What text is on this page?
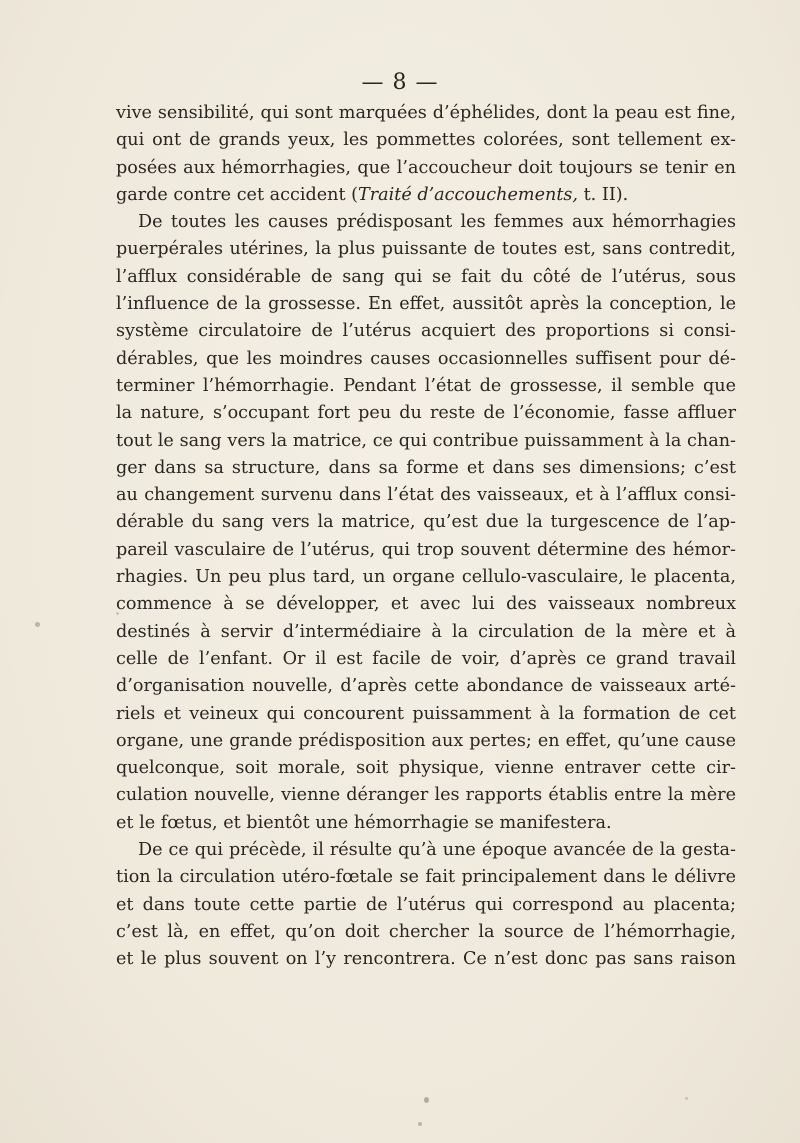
— 8 —
vive sensibilité, qui sont marquées d’éphélides, dont la peau est fine,
qui ont de grands yeux, les pommettes colorées, sont tellement ex-
posées aux hémorrhagies, que l’accoucheur doit toujours se tenir en
garde contre cet accident (Traité d’accouchements, t. II).
De toutes les causes prédisposant les femmes aux hémorrhagies
puerpérales utérines, la plus puissante de toutes est, sans contredit,
l’afflux considérable de sang qui se fait du côté de l’utérus, sous
l’influence de la grossesse. En effet, aussitôt après la conception, le
système circulatoire de l’utérus acquiert des proportions si consi-
dérables, que les moindres causes occasionnelles suffisent pour dé-
terminer l’hémorrhagie. Pendant l’état de grossesse, il semble que
la nature, s’occupant fort peu du reste de l’économie, fasse affluer
tout le sang vers la matrice, ce qui contribue puissamment à la chan-
ger dans sa structure, dans sa forme et dans ses dimensions; c’est
au changement survenu dans l’état des vaisseaux, et à l’afflux consi-
dérable du sang vers la matrice, qu’est due la turgescence de l’ap-
pareil vasculaire de l’utérus, qui trop souvent détermine des hémor-
rhagies. Un peu plus tard, un organe cellulo-vasculaire, le placenta,
commence à se développer, et avec lui des vaisseaux nombreux
destinés à servir d’intermédiaire à la circulation de la mère et à
celle de l’enfant. Or il est facile de voir, d’après ce grand travail
d’organisation nouvelle, d’après cette abondance de vaisseaux arté-
riels et veineux qui concourent puissamment à la formation de cet
organe, une grande prédisposition aux pertes; en effet, qu’une cause
quelconque, soit morale, soit physique, vienne entraver cette cir-
culation nouvelle, vienne déranger les rapports établis entre la mère
et le fœtus, et bientôt une hémorrhagie se manifestera.
De ce qui précède, il résulte qu’à une époque avancée de la gesta-
tion la circulation utéro-fœtale se fait principalement dans le délivre
et dans toute cette partie de l’utérus qui correspond au placenta;
c’est là, en effet, qu’on doit chercher la source de l’hémorrhagie,
et le plus souvent on l’y rencontrera. Ce n’est donc pas sans raison
